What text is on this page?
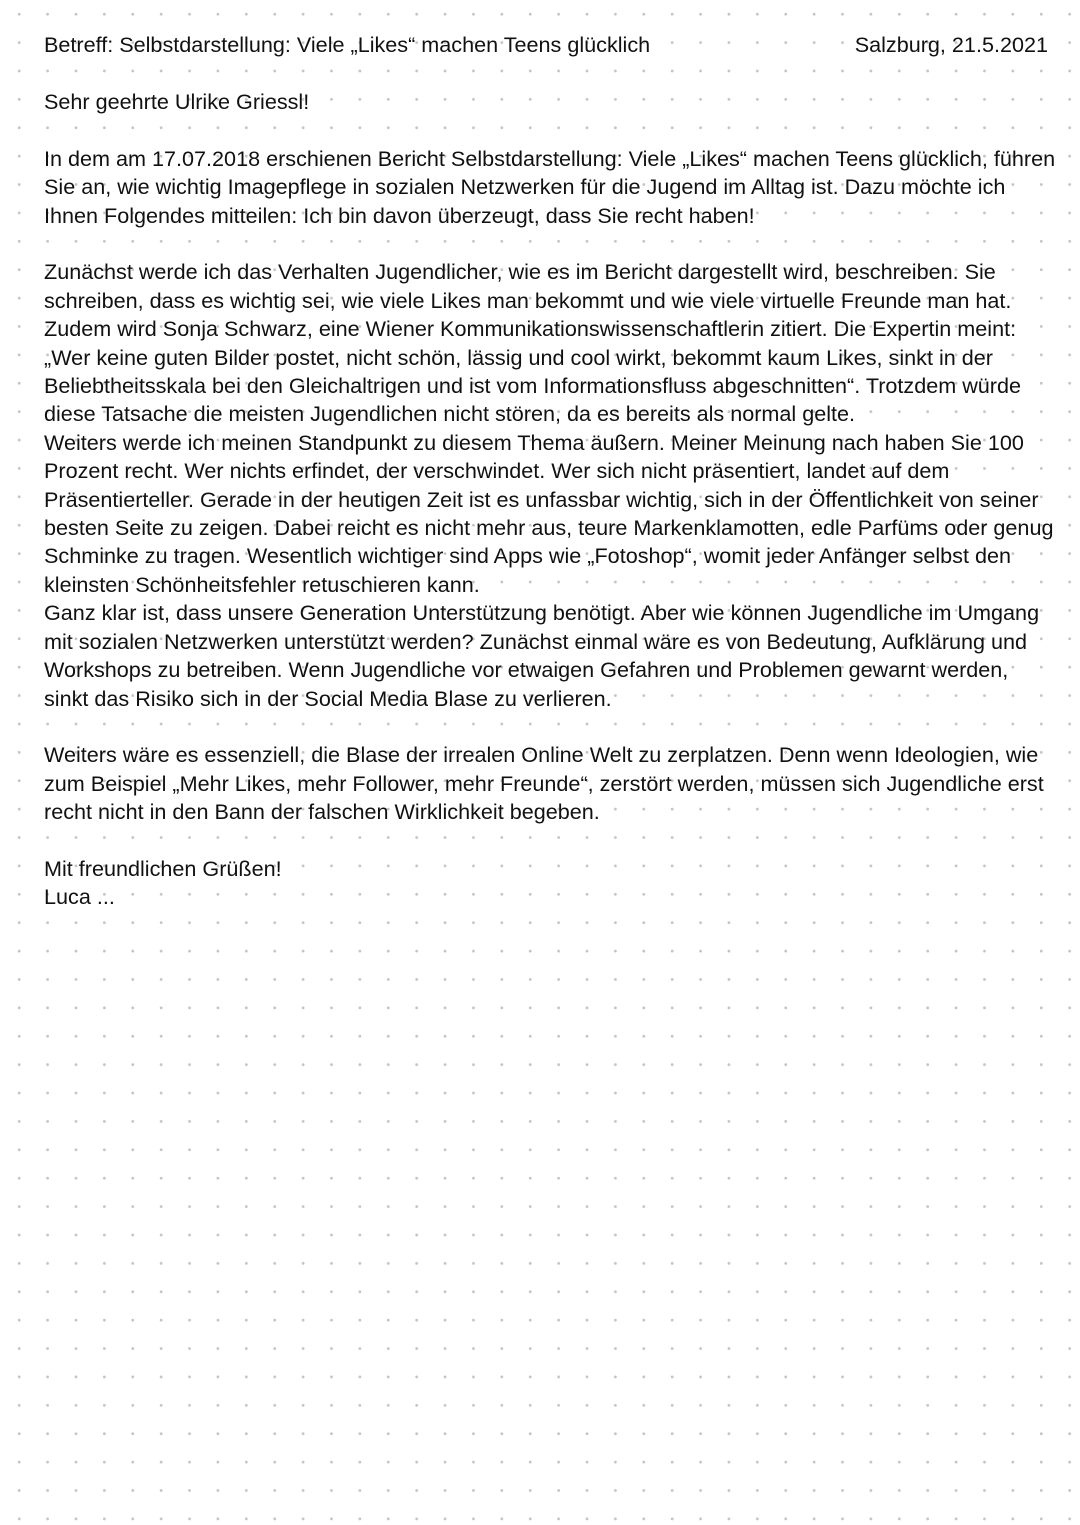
Betreff: Selbstdarstellung: Viele „Likes“ machen Teens glücklich	Salzburg, 21.5.2021

Sehr geehrte Ulrike Griessl!

In dem am 17.07.2018 erschienen Bericht Selbstdarstellung: Viele „Likes“ machen Teens glücklich, führen Sie an, wie wichtig Imagepflege in sozialen Netzwerken für die Jugend im Alltag ist. Dazu möchte ich Ihnen Folgendes mitteilen: Ich bin davon überzeugt, dass Sie recht haben!

Zunächst werde ich das Verhalten Jugendlicher, wie es im Bericht dargestellt wird, beschreiben. Sie schreiben, dass es wichtig sei, wie viele Likes man bekommt und wie viele virtuelle Freunde man hat. Zudem wird Sonja Schwarz, eine Wiener Kommunikationswissenschaftlerin zitiert. Die Expertin meint: „Wer keine guten Bilder postet, nicht schön, lässig und cool wirkt, bekommt kaum Likes, sinkt in der Beliebtheitsskala bei den Gleichaltrigen und ist vom Informationsfluss abgeschnitten“. Trotzdem würde diese Tatsache die meisten Jugendlichen nicht stören, da es bereits als normal gelte.

Weiters werde ich meinen Standpunkt zu diesem Thema äußern. Meiner Meinung nach haben Sie 100 Prozent recht. Wer nichts erfindet, der verschwindet. Wer sich nicht präsentiert, landet auf dem Präsentierteller. Gerade in der heutigen Zeit ist es unfassbar wichtig, sich in der Öffentlichkeit von seiner besten Seite zu zeigen. Dabei reicht es nicht mehr aus, teure Markenklamotten, edle Parfüms oder genug Schminke zu tragen. Wesentlich wichtiger sind Apps wie „Fotoshop“, womit jeder Anfänger selbst den kleinsten Schönheitsfehler retuschieren kann.

Ganz klar ist, dass unsere Generation Unterstützung benötigt. Aber wie können Jugendliche im Umgang mit sozialen Netzwerken unterstützt werden? Zunächst einmal wäre es von Bedeutung, Aufklärung und Workshops zu betreiben. Wenn Jugendliche vor etwaigen Gefahren und Problemen gewarnt werden, sinkt das Risiko sich in der Social Media Blase zu verlieren.

Weiters wäre es essenziell, die Blase der irrealen Online Welt zu zerplatzen. Denn wenn Ideologien, wie zum Beispiel „Mehr Likes, mehr Follower, mehr Freunde“, zerstört werden, müssen sich Jugendliche erst recht nicht in den Bann der falschen Wirklichkeit begeben.

Mit freundlichen Grüßen!

Luca ...
